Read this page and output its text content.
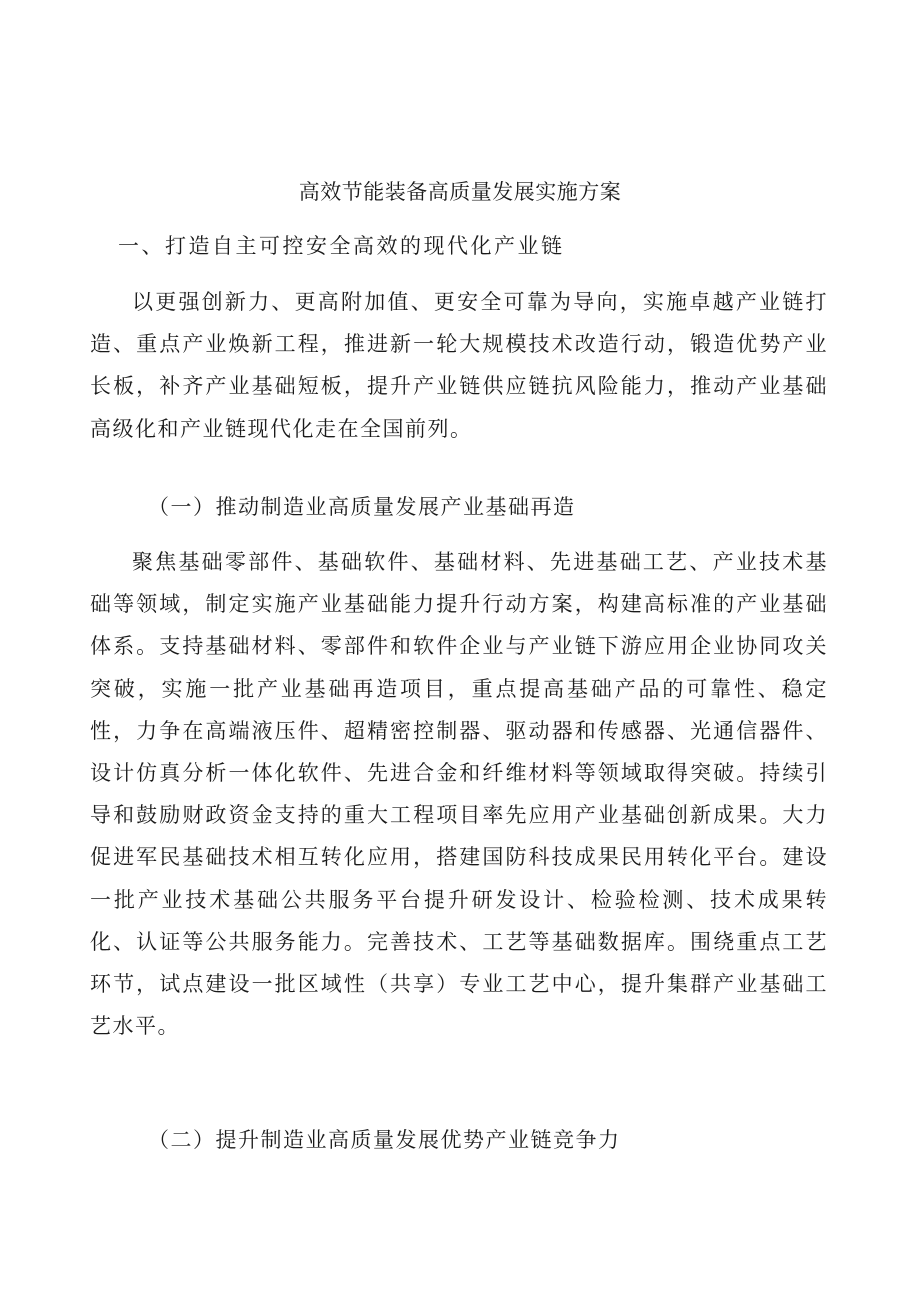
高效节能装备高质量发展实施方案
一、打造自主可控安全高效的现代化产业链

以更强创新力、更高附加值、更安全可靠为导向，实施卓越产业链打造、重点产业焕新工程，推进新一轮大规模技术改造行动，锻造优势产业长板，补齐产业基础短板，提升产业链供应链抗风险能力，推动产业基础高级化和产业链现代化走在全国前列。

（一）推动制造业高质量发展产业基础再造

聚焦基础零部件、基础软件、基础材料、先进基础工艺、产业技术基础等领域，制定实施产业基础能力提升行动方案，构建高标准的产业基础体系。支持基础材料、零部件和软件企业与产业链下游应用企业协同攻关突破，实施一批产业基础再造项目，重点提高基础产品的可靠性、稳定性，力争在高端液压件、超精密控制器、驱动器和传感器、光通信器件、设计仿真分析一体化软件、先进合金和纤维材料等领域取得突破。持续引导和鼓励财政资金支持的重大工程项目率先应用产业基础创新成果。大力促进军民基础技术相互转化应用，搭建国防科技成果民用转化平台。建设一批产业技术基础公共服务平台提升研发设计、检验检测、技术成果转化、认证等公共服务能力。完善技术、工艺等基础数据库。围绕重点工艺环节，试点建设一批区域性（共享）专业工艺中心，提升集群产业基础工艺水平。

（二）提升制造业高质量发展优势产业链竞争力
